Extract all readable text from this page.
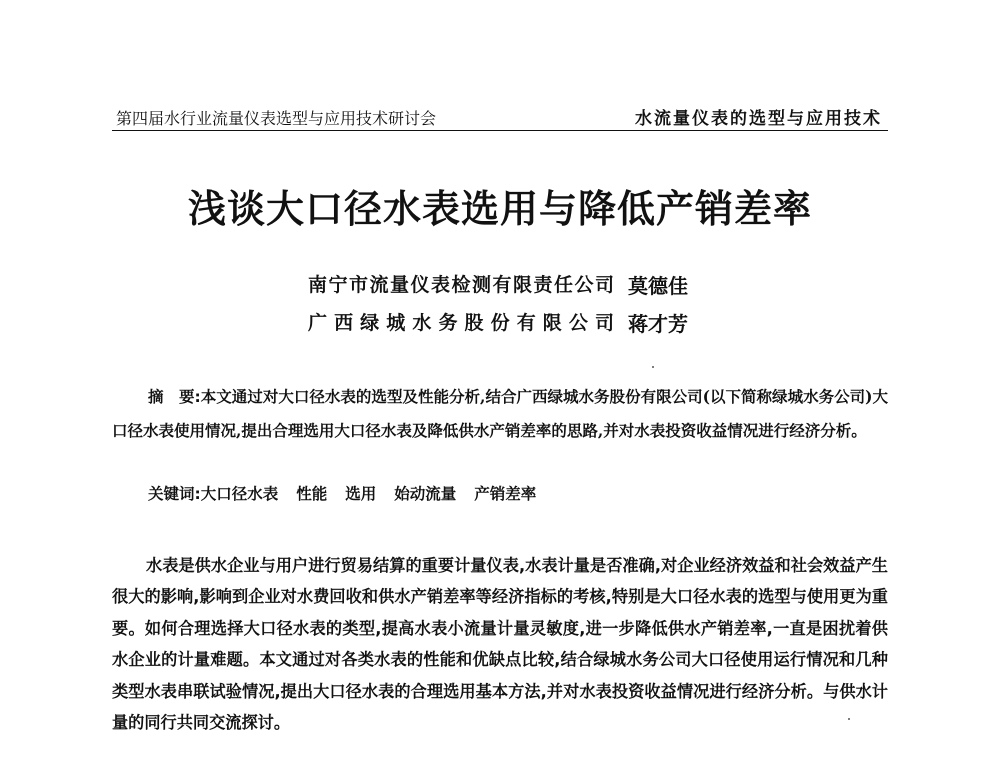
第四届水行业流量仪表选型与应用技术研讨会	水流量仪表的选型与应用技术
浅谈大口径水表选用与降低产销差率
南宁市流量仪表检测有限责任公司 莫德佳
广西绿城水务股份有限公司 蒋才芳
摘　要:本文通过对大口径水表的选型及性能分析,结合广西绿城水务股份有限公司(以下简称绿城水务公司)大口径水表使用情况,提出合理选用大口径水表及降低供水产销差率的思路,并对水表投资收益情况进行经济分析。
关键词:大口径水表 性能 选用 始动流量 产销差率
水表是供水企业与用户进行贸易结算的重要计量仪表,水表计量是否准确,对企业经济效益和社会效益产生很大的影响,影响到企业对水费回收和供水产销差率等经济指标的考核,特别是大口径水表的选型与使用更为重要。如何合理选择大口径水表的类型,提高水表小流量计量灵敏度,进一步降低供水产销差率,一直是困扰着供水企业的计量难题。本文通过对各类水表的性能和优缺点比较,结合绿城水务公司大口径使用运行情况和几种类型水表串联试验情况,提出大口径水表的合理选用基本方法,并对水表投资收益情况进行经济分析。与供水计量的同行共同交流探讨。
